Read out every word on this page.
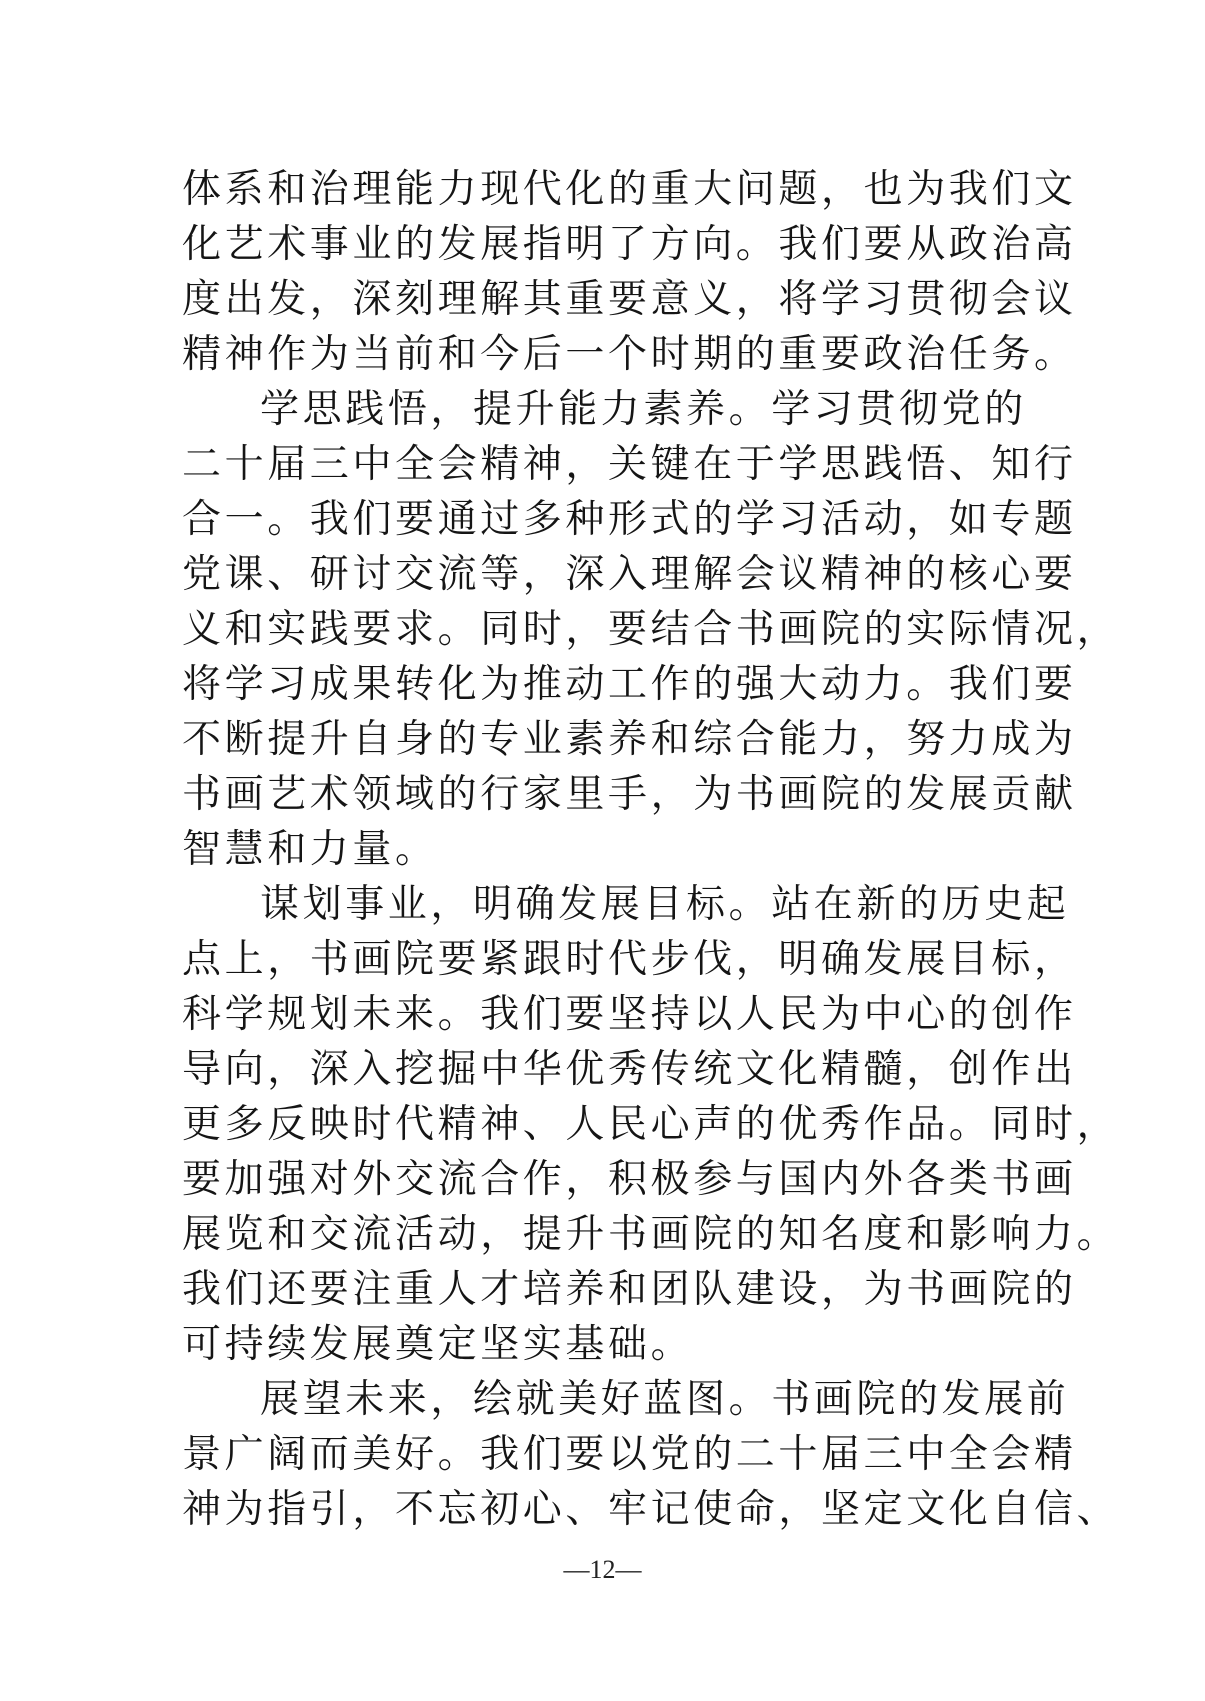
体系和治理能力现代化的重大问题，也为我们文
化艺术事业的发展指明了方向。我们要从政治高
度出发，深刻理解其重要意义，将学习贯彻会议
精神作为当前和今后一个时期的重要政治任务。
学思践悟，提升能力素养。学习贯彻党的
二十届三中全会精神，关键在于学思践悟、知行
合一。我们要通过多种形式的学习活动，如专题
党课、研讨交流等，深入理解会议精神的核心要
义和实践要求。同时，要结合书画院的实际情况，
将学习成果转化为推动工作的强大动力。我们要
不断提升自身的专业素养和综合能力，努力成为
书画艺术领域的行家里手，为书画院的发展贡献
智慧和力量。
谋划事业，明确发展目标。站在新的历史起
点上，书画院要紧跟时代步伐，明确发展目标，
科学规划未来。我们要坚持以人民为中心的创作
导向，深入挖掘中华优秀传统文化精髓，创作出
更多反映时代精神、人民心声的优秀作品。同时，
要加强对外交流合作，积极参与国内外各类书画
展览和交流活动，提升书画院的知名度和影响力。
我们还要注重人才培养和团队建设，为书画院的
可持续发展奠定坚实基础。
展望未来，绘就美好蓝图。书画院的发展前
景广阔而美好。我们要以党的二十届三中全会精
神为指引，不忘初心、牢记使命，坚定文化自信、
—12—
